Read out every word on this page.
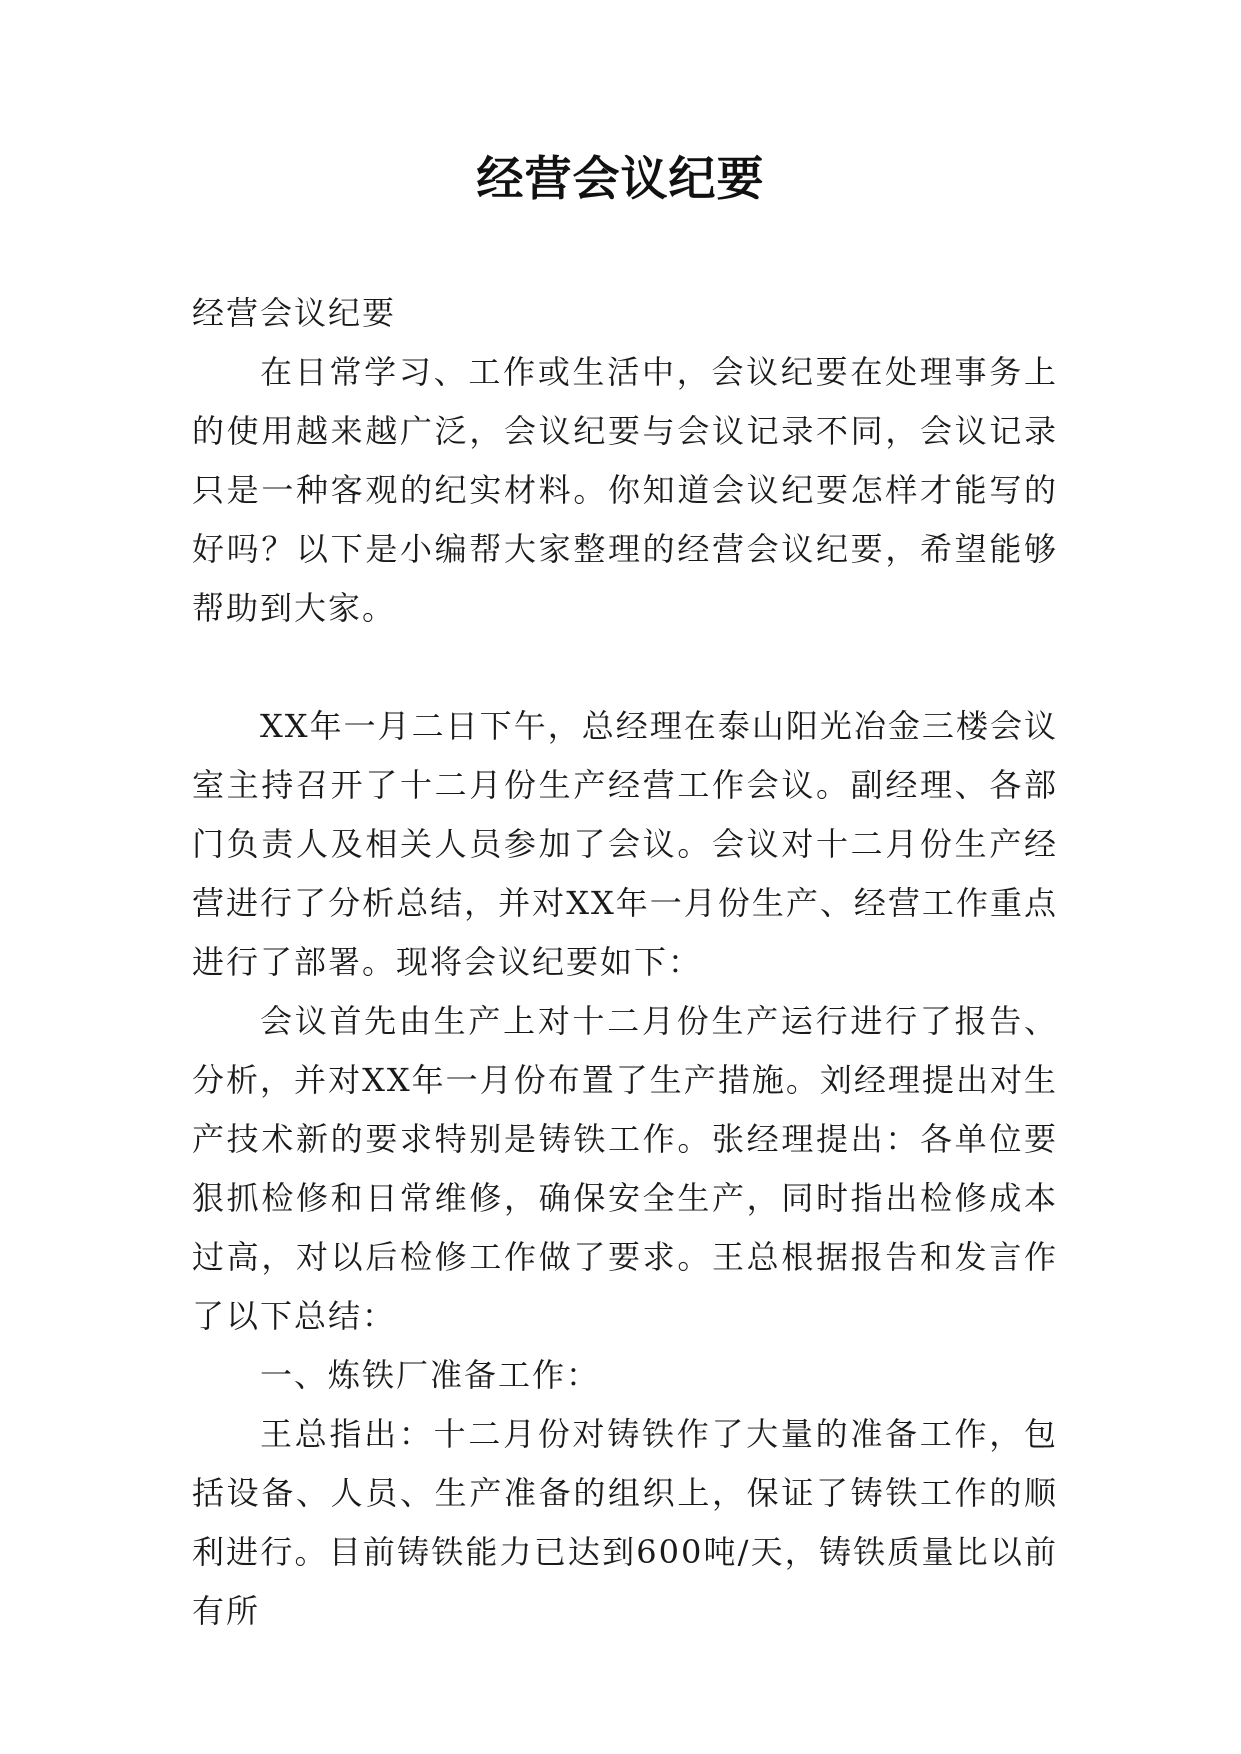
经营会议纪要

经营会议纪要

在日常学习、工作或生活中，会议纪要在处理事务上的使用越来越广泛，会议纪要与会议记录不同，会议记录只是一种客观的纪实材料。你知道会议纪要怎样才能写的好吗？以下是小编帮大家整理的经营会议纪要，希望能够帮助到大家。

XX年一月二日下午，总经理在泰山阳光冶金三楼会议室主持召开了十二月份生产经营工作会议。副经理、各部门负责人及相关人员参加了会议。会议对十二月份生产经营进行了分析总结，并对XX年一月份生产、经营工作重点进行了部署。现将会议纪要如下：

会议首先由生产上对十二月份生产运行进行了报告、分析，并对XX年一月份布置了生产措施。刘经理提出对生产技术新的要求特别是铸铁工作。张经理提出：各单位要狠抓检修和日常维修，确保安全生产，同时指出检修成本过高，对以后检修工作做了要求。王总根据报告和发言作了以下总结：

一、炼铁厂准备工作：

王总指出：十二月份对铸铁作了大量的准备工作，包括设备、人员、生产准备的组织上，保证了铸铁工作的顺利进行。目前铸铁能力已达到600吨/天，铸铁质量比以前有所
